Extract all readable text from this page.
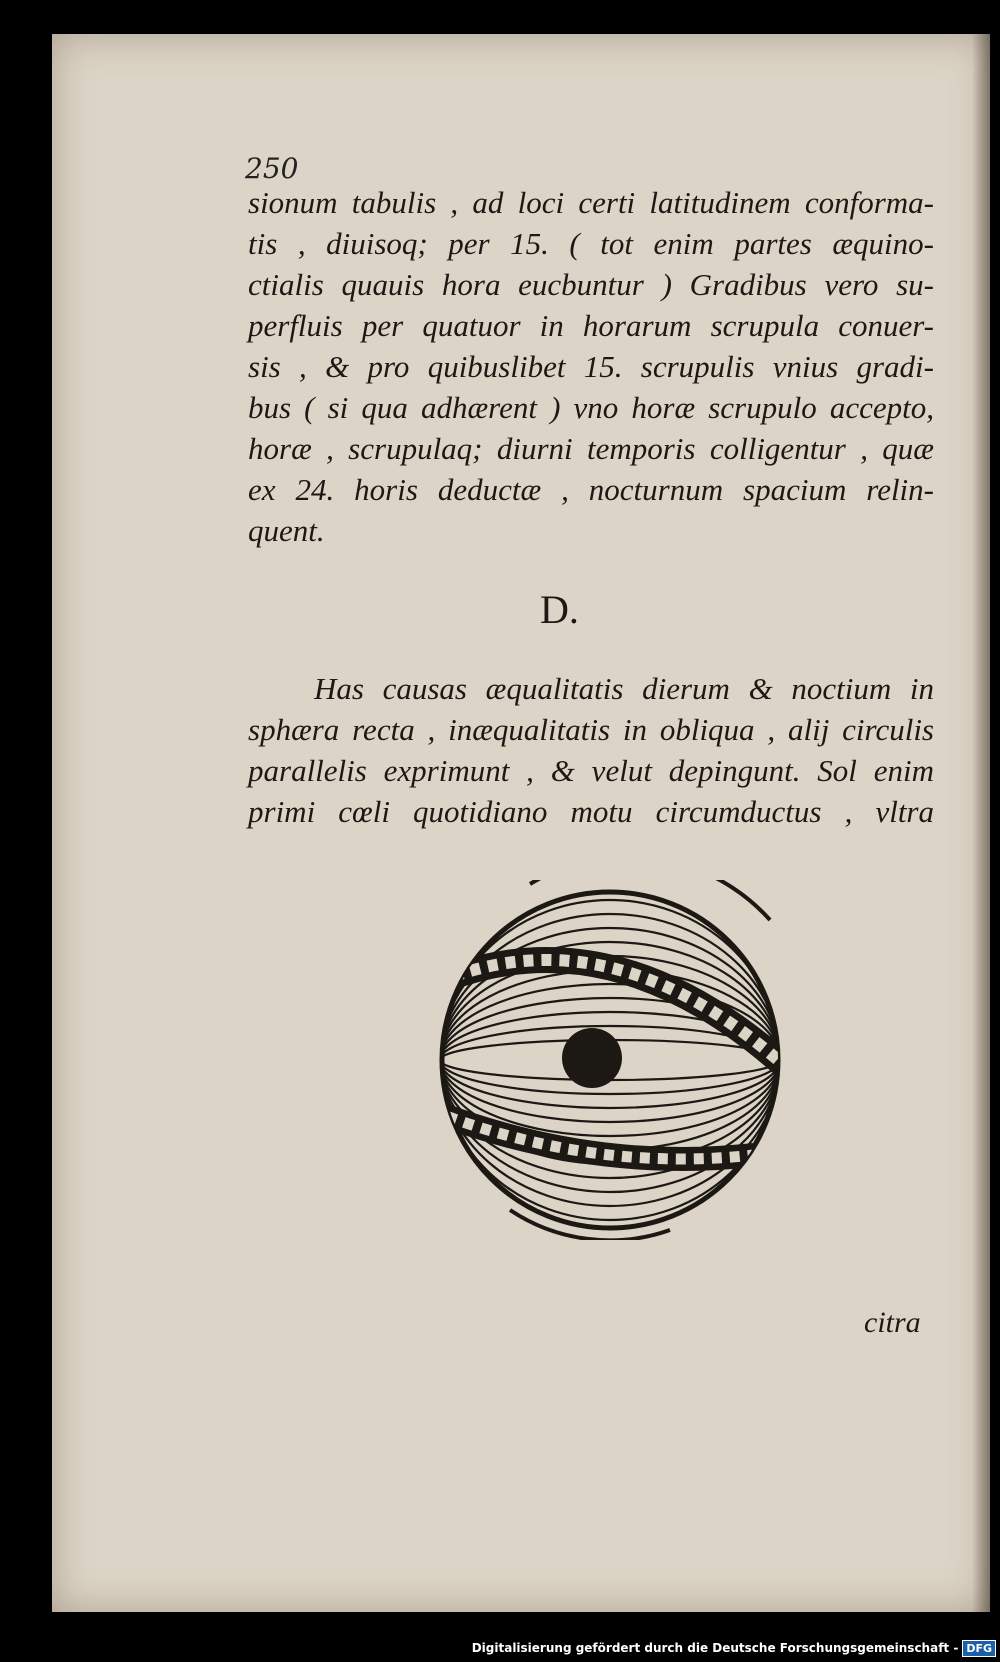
250
sionum tabulis , ad loci certi latitudinem conforma-
tis , diuisoq; per 15. ( tot enim partes æquino-
ctialis quauis hora eucbuntur ) Gradibus vero su-
perfluis per quatuor in horarum scrupula conuer-
sis , & pro quibuslibet 15. scrupulis vnius gradi-
bus ( si qua adhærent ) vno horæ scrupulo accepto,
horæ , scrupulaq; diurni temporis colligentur , quæ
ex 24. horis deductæ , nocturnum spacium relin-
quent.
D.
Has causas æqualitatis dierum & noctium in
sphæra recta , inæqualitatis in obliqua , alij circulis
parallelis exprimunt , & velut depingunt. Sol enim
primi cœli quotidiano motu circumductus , vltra
citra
Digitalisierung gefördert durch die Deutsche Forschungsgemeinschaft - DFG
